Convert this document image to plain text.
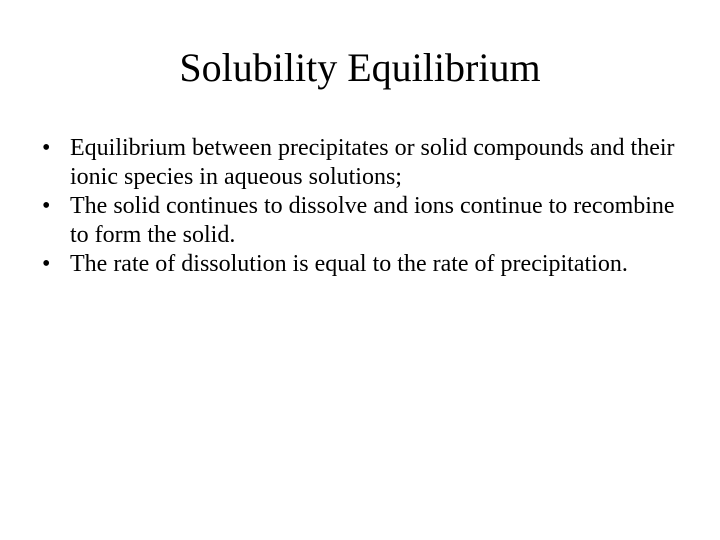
Solubility Equilibrium
• Equilibrium between precipitates or solid compounds and their ionic species in aqueous solutions;
• The solid continues to dissolve and ions continue to recombine to form the solid.
• The rate of dissolution is equal to the rate of precipitation.
